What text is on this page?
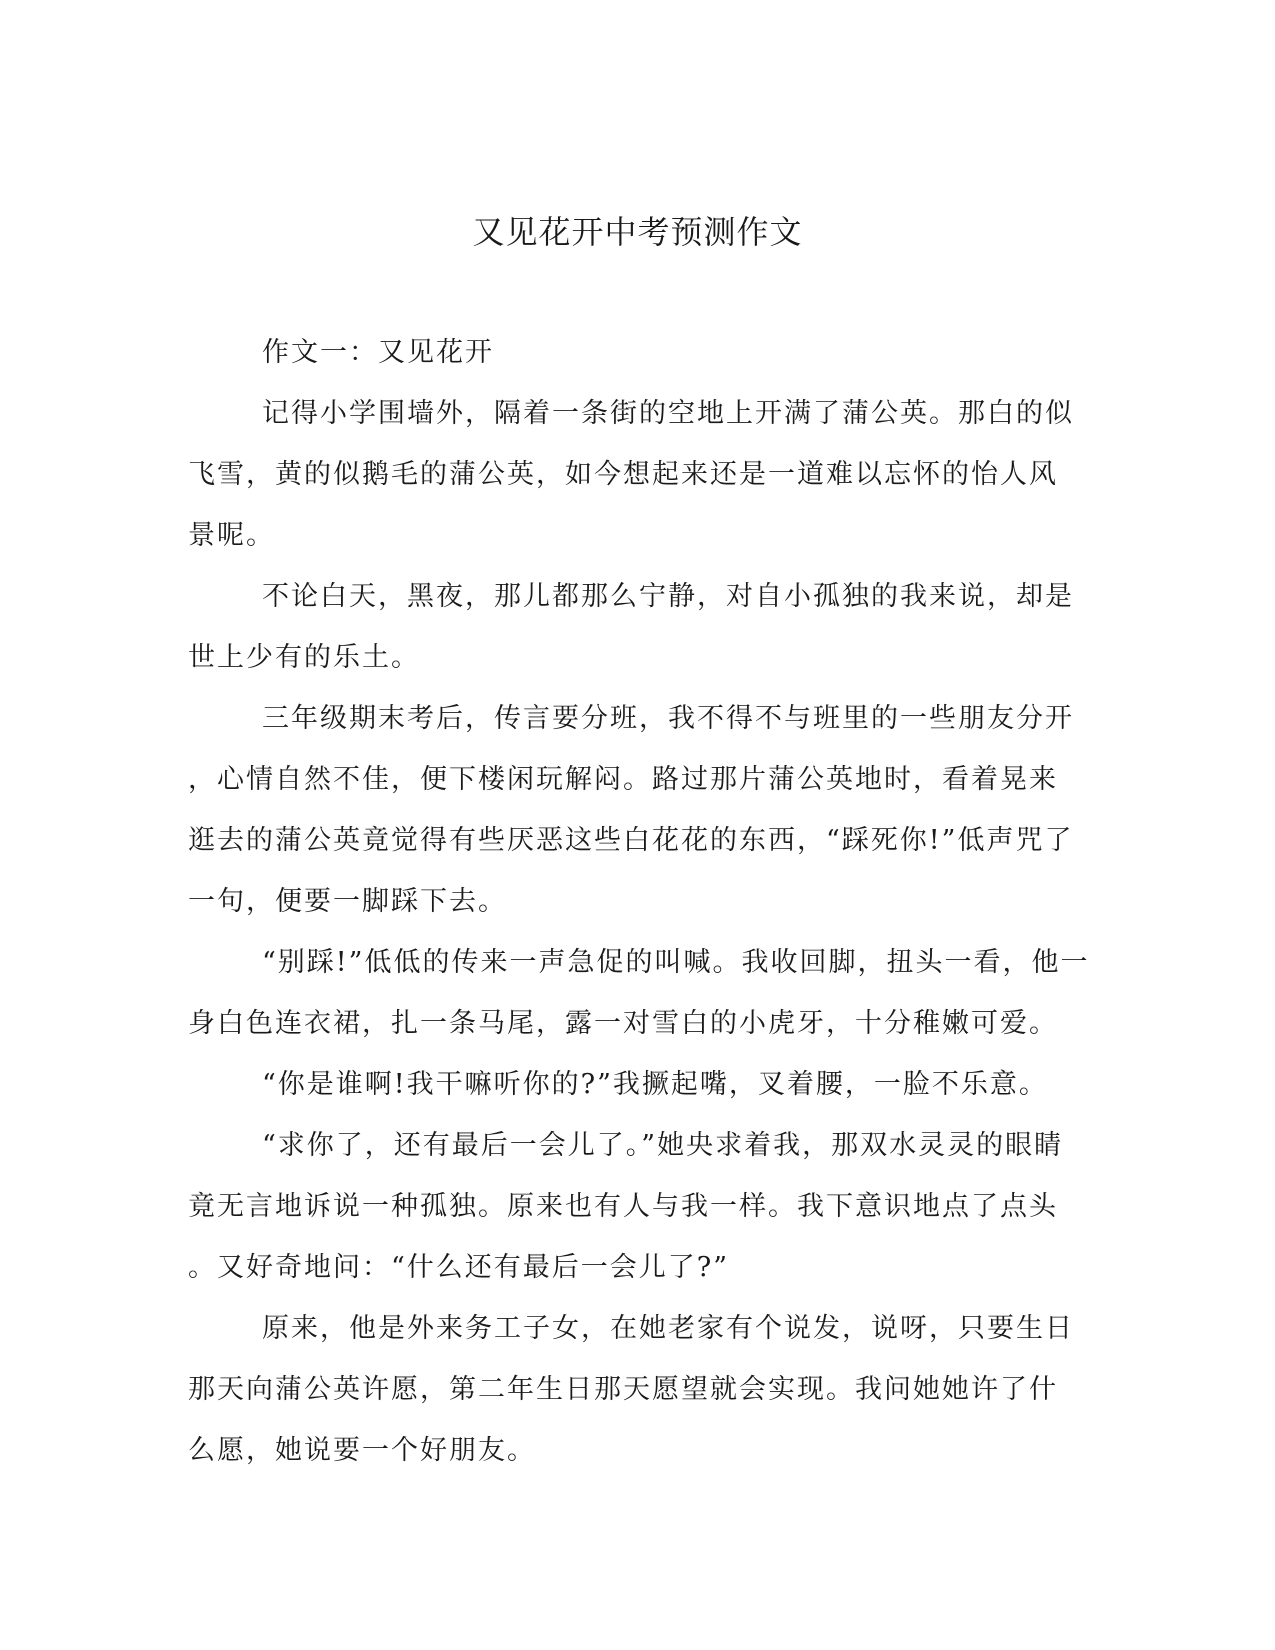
又见花开中考预测作文
作文一：又见花开
记得小学围墙外，隔着一条街的空地上开满了蒲公英。那白的似
飞雪，黄的似鹅毛的蒲公英，如今想起来还是一道难以忘怀的怡人风
景呢。
不论白天，黑夜，那儿都那么宁静，对自小孤独的我来说，却是
世上少有的乐土。
三年级期末考后，传言要分班，我不得不与班里的一些朋友分开
，心情自然不佳，便下楼闲玩解闷。路过那片蒲公英地时，看着晃来
逛去的蒲公英竟觉得有些厌恶这些白花花的东西，“踩死你!”低声咒了
一句，便要一脚踩下去。
“别踩!”低低的传来一声急促的叫喊。我收回脚，扭头一看，他一
身白色连衣裙，扎一条马尾，露一对雪白的小虎牙，十分稚嫩可爱。
“你是谁啊!我干嘛听你的?”我撅起嘴，叉着腰，一脸不乐意。
“求你了，还有最后一会儿了。”她央求着我，那双水灵灵的眼睛
竟无言地诉说一种孤独。原来也有人与我一样。我下意识地点了点头
。又好奇地问：“什么还有最后一会儿了?”
原来，他是外来务工子女，在她老家有个说发，说呀，只要生日
那天向蒲公英许愿，第二年生日那天愿望就会实现。我问她她许了什
么愿，她说要一个好朋友。
